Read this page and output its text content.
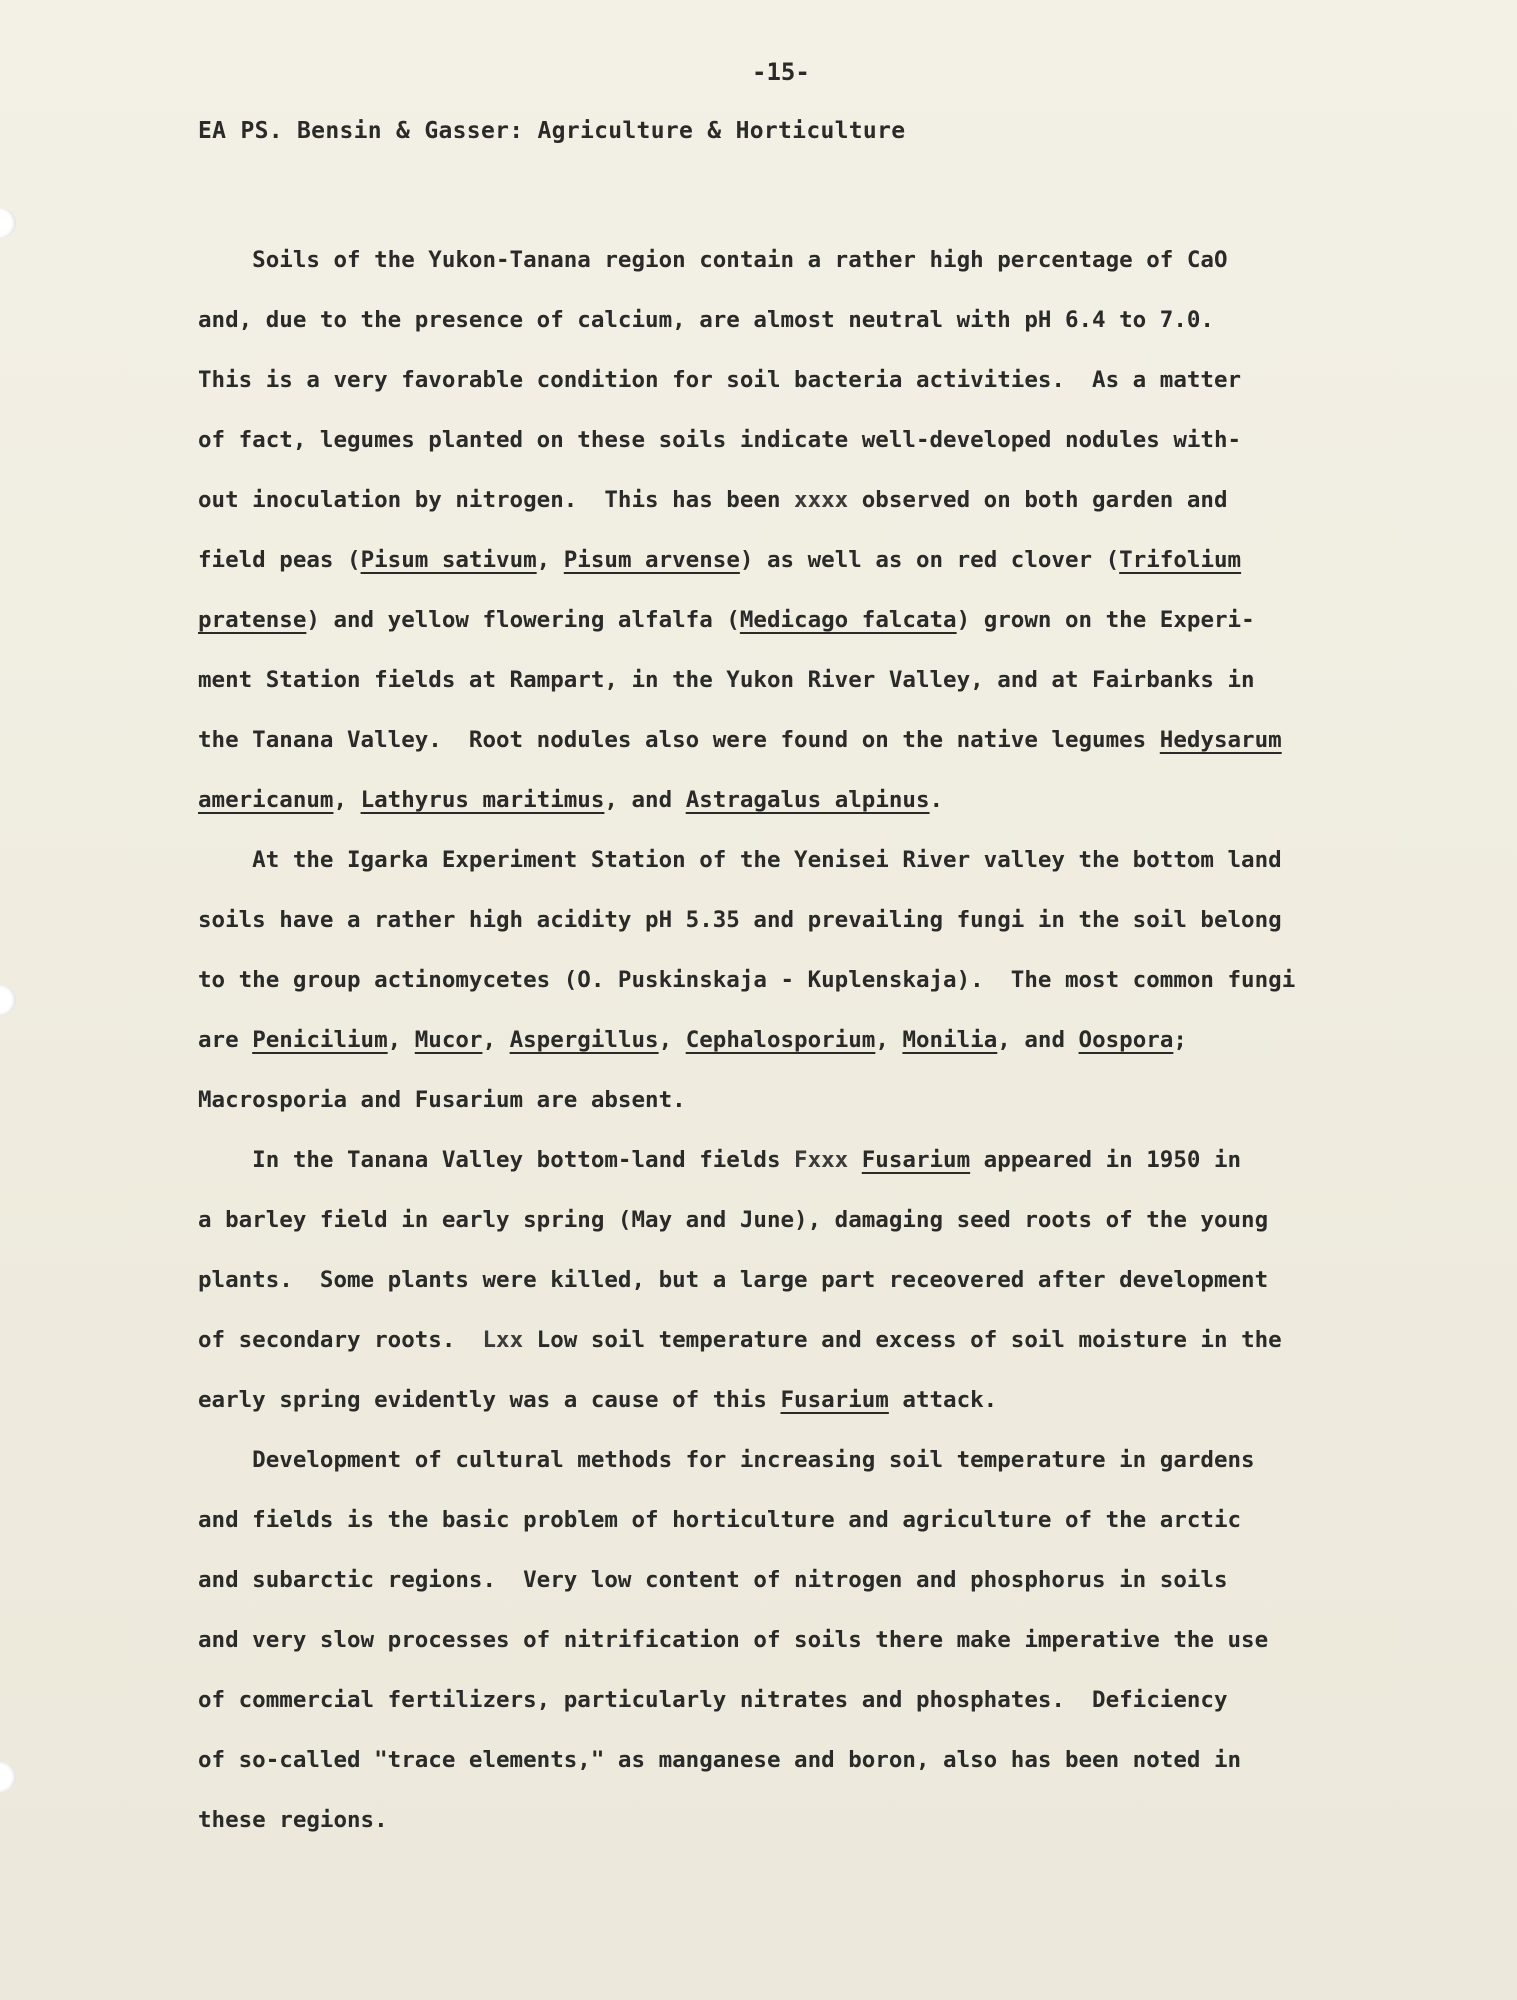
-15-
EA PS. Bensin & Gasser: Agriculture & Horticulture
Soils of the Yukon-Tanana region contain a rather high percentage of CaO
and, due to the presence of calcium, are almost neutral with pH 6.4 to 7.0.
This is a very favorable condition for soil bacteria activities.  As a matter
of fact, legumes planted on these soils indicate well-developed nodules with-
out inoculation by nitrogen.  This has been xxxx observed on both garden and
field peas (Pisum sativum, Pisum arvense) as well as on red clover (Trifolium
pratense) and yellow flowering alfalfa (Medicago falcata) grown on the Experi-
ment Station fields at Rampart, in the Yukon River Valley, and at Fairbanks in
the Tanana Valley.  Root nodules also were found on the native legumes Hedysarum
americanum, Lathyrus maritimus, and Astragalus alpinus.
At the Igarka Experiment Station of the Yenisei River valley the bottom land
soils have a rather high acidity pH 5.35 and prevailing fungi in the soil belong
to the group actinomycetes (O. Puskinskaja - Kuplenskaja).  The most common fungi
are Penicilium, Mucor, Aspergillus, Cephalosporium, Monilia, and Oospora;
Macrosporia and Fusarium are absent.
In the Tanana Valley bottom-land fields Fxxx Fusarium appeared in 1950 in
a barley field in early spring (May and June), damaging seed roots of the young
plants.  Some plants were killed, but a large part receovered after development
of secondary roots.  Lxx Low soil temperature and excess of soil moisture in the
early spring evidently was a cause of this Fusarium attack.
Development of cultural methods for increasing soil temperature in gardens
and fields is the basic problem of horticulture and agriculture of the arctic
and subarctic regions.  Very low content of nitrogen and phosphorus in soils
and very slow processes of nitrification of soils there make imperative the use
of commercial fertilizers, particularly nitrates and phosphates.  Deficiency
of so-called "trace elements," as manganese and boron, also has been noted in
these regions.
